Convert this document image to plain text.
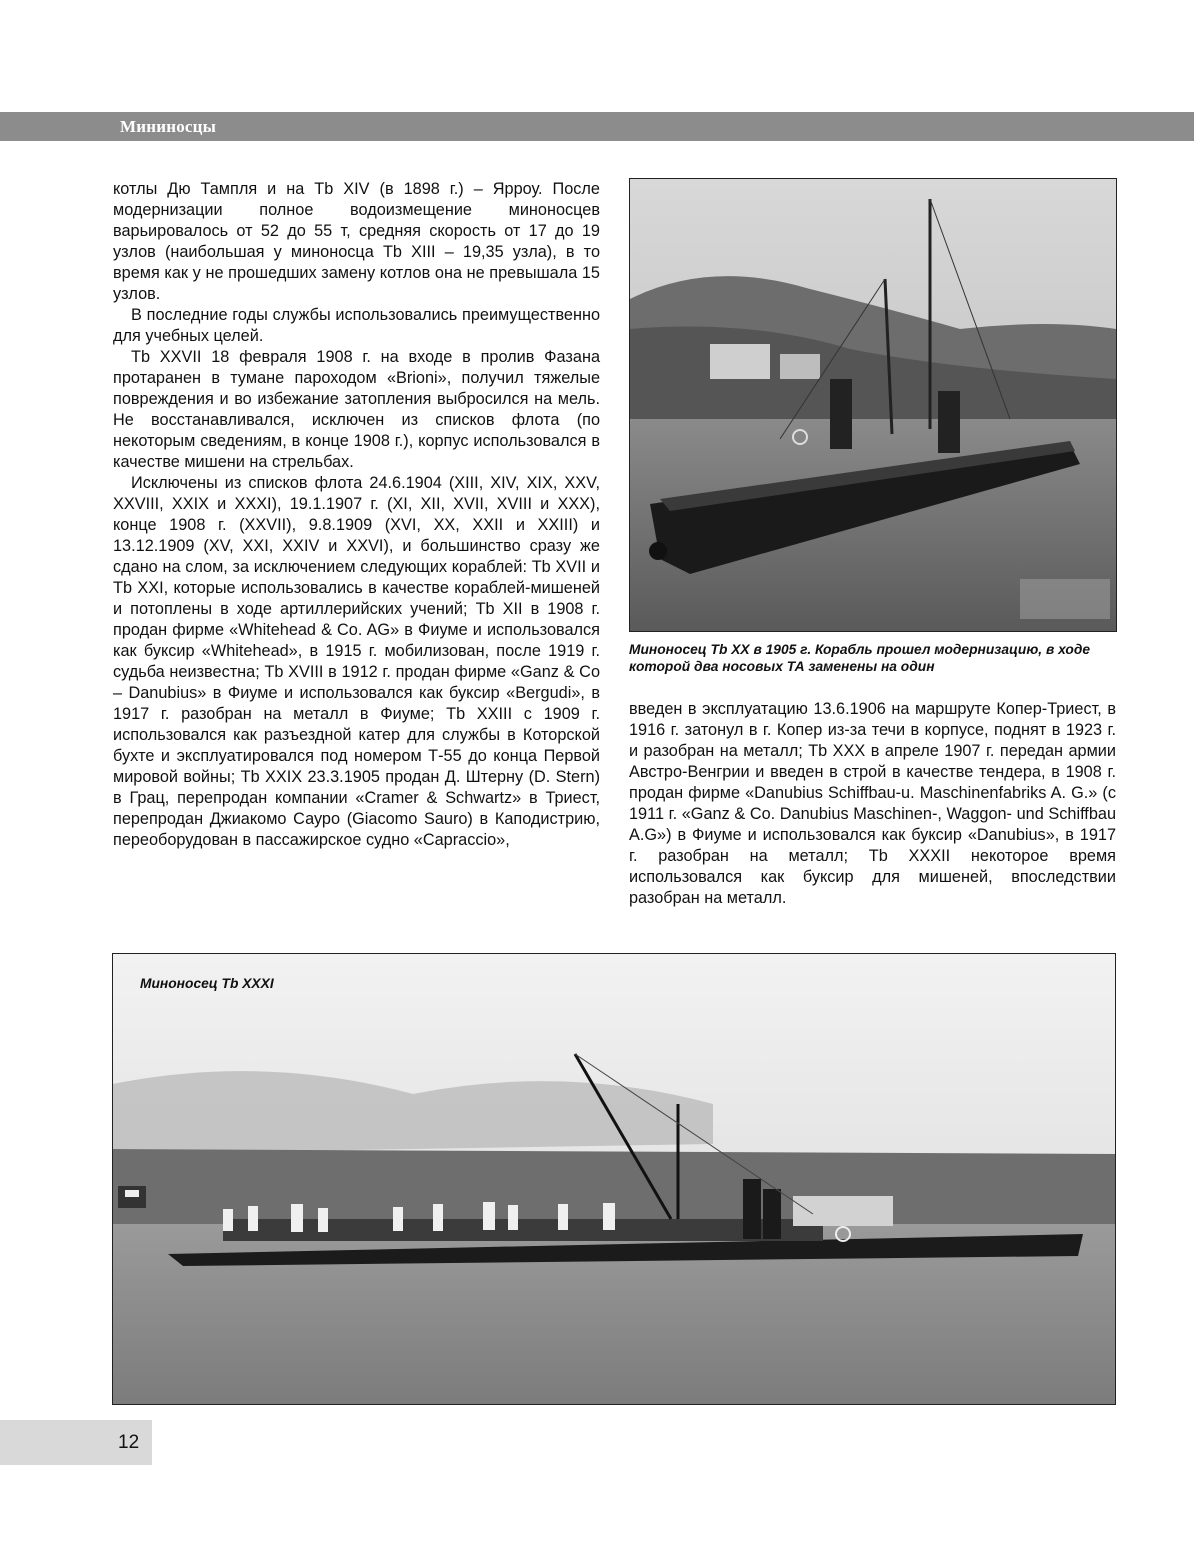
Мининосцы

котлы Дю Тампля и на Tb XIV (в 1898 г.) – Ярроу. После модернизации полное водоизмещение миноносцев варьировалось от 52 до 55 т, средняя скорость от 17 до 19 узлов (наибольшая у миноносца Tb XIII – 19,35 узла), в то время как у не прошедших замену котлов она не превышала 15 узлов.

В последние годы службы использовались преимущественно для учебных целей.

Tb XXVII 18 февраля 1908 г. на входе в пролив Фазана протаранен в тумане пароходом «Brioni», получил тяжелые повреждения и во избежание затопления выбросился на мель. Не восстанавливался, исключен из списков флота (по некоторым сведениям, в конце 1908 г.), корпус использовался в качестве мишени на стрельбах.

Исключены из списков флота 24.6.1904 (XIII, XIV, XIX, XXV, XXVIII, XXIX и XXXI), 19.1.1907 г. (XI, XII, XVII, XVIII и XXX), конце 1908 г. (XXVII), 9.8.1909 (XVI, XX, XXII и XXIII) и 13.12.1909 (XV, XXI, XXIV и XXVI), и большинство сразу же сдано на слом, за исключением следующих кораблей: Tb XVII и Tb XXI, которые использовались в качестве кораблей-мишеней и потоплены в ходе артиллерийских учений; Tb XII в 1908 г. продан фирме «Whitehead & Co. AG» в Фиуме и использовался как буксир «Whitehead», в 1915 г. мобилизован, после 1919 г. судьба неизвестна; Tb XVIII в 1912 г. продан фирме «Ganz & Co – Danubius» в Фиуме и использовался как буксир «Bergudi», в 1917 г. разобран на металл в Фиуме; Tb XXIII с 1909 г. использовался как разъездной катер для службы в Которской бухте и эксплуатировался под номером Т-55 до конца Первой мировой войны; Tb XXIX 23.3.1905 продан Д. Штерну (D. Stern) в Грац, перепродан компании «Cramer & Schwartz» в Триест, перепродан Джиакомо Сауро (Giacomo Sauro) в Каподистрию, переоборудован в пассажирское судно «Capraccio»,

Миноносец Tb XX в 1905 г. Корабль прошел модернизацию, в ходе которой два носовых ТА заменены на один

введен в эксплуатацию 13.6.1906 на маршруте Копер-Триест, в 1916 г. затонул в г. Копер из-за течи в корпусе, поднят в 1923 г. и разобран на металл; Tb XXX в апреле 1907 г. передан армии Австро-Венгрии и введен в строй в качестве тендера, в 1908 г. продан фирме «Danubius Schiffbau-u. Maschinenfabriks A. G.» (с 1911 г. «Ganz & Co. Danubius Maschinen-, Waggon- und Schiffbau A.G») в Фиуме и использовался как буксир «Danubius», в 1917 г. разобран на металл; Tb XXXII некоторое время использовался как буксир для мишеней, впоследствии разобран на металл.

Миноносец Tb XXXI
12
